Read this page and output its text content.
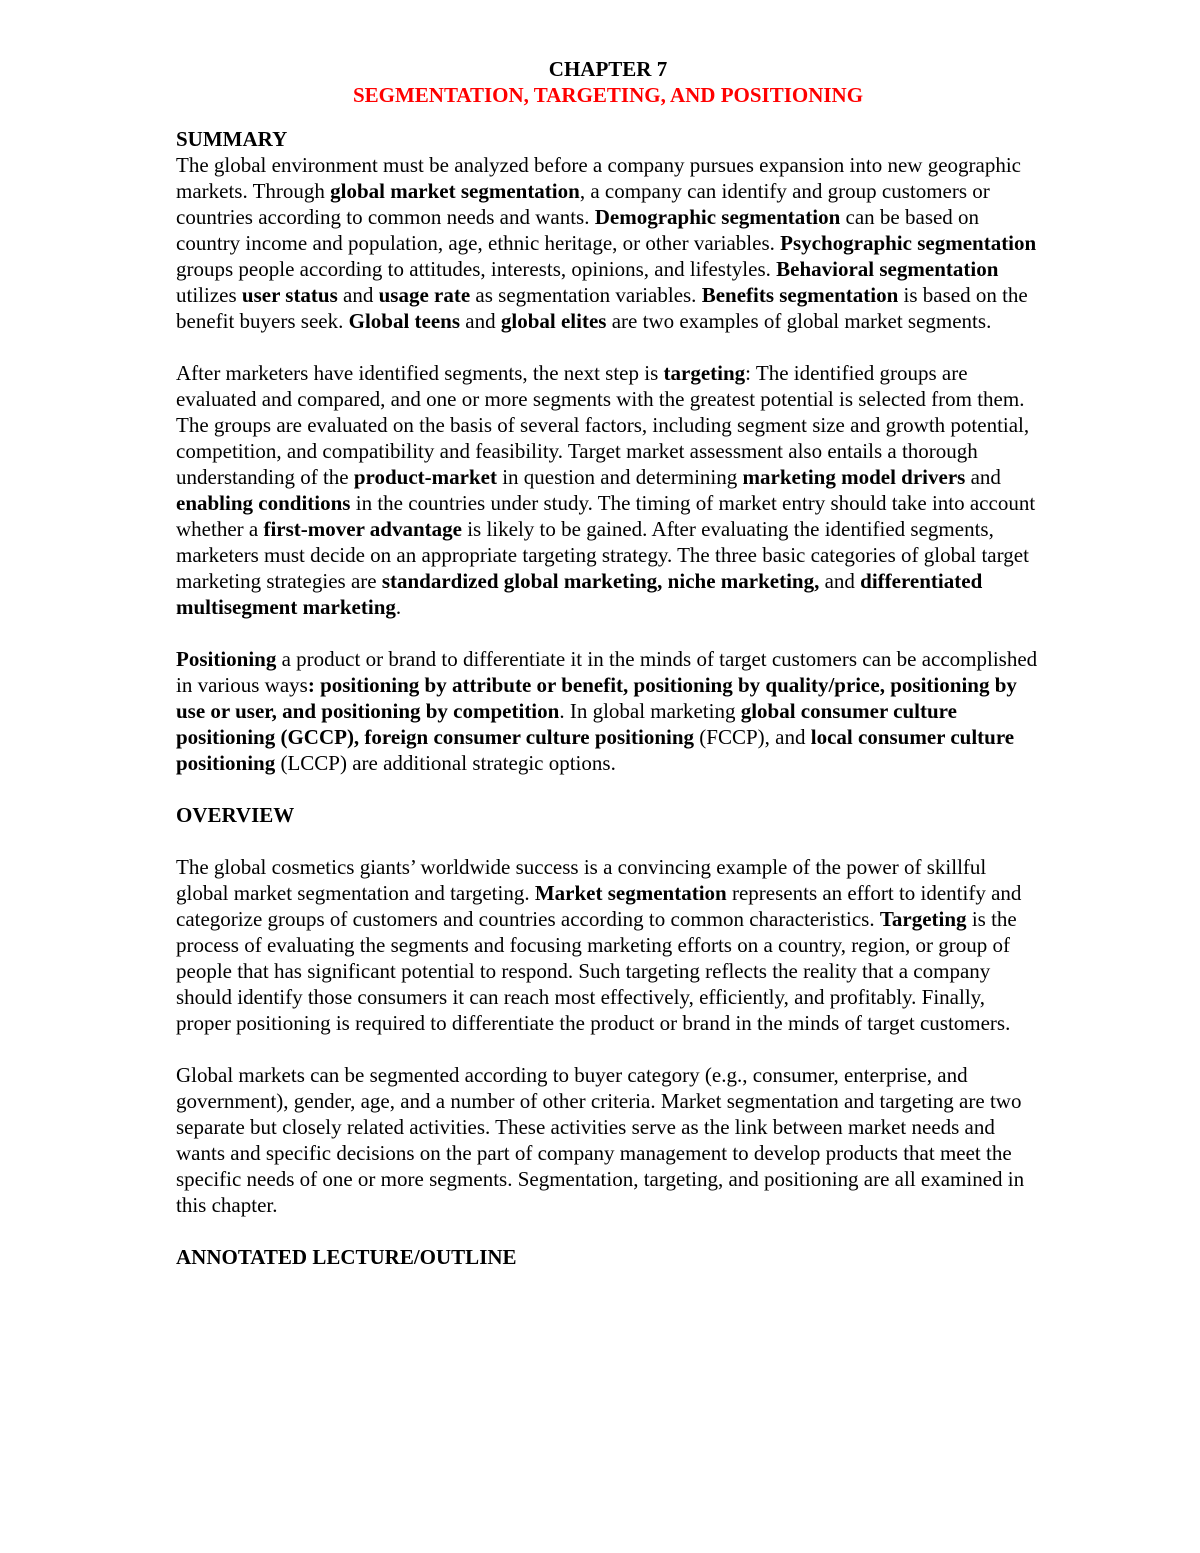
CHAPTER 7

SEGMENTATION, TARGETING, AND POSITIONING

SUMMARY

The global environment must be analyzed before a company pursues expansion into new geographic markets. Through global market segmentation, a company can identify and group customers or countries according to common needs and wants. Demographic segmentation can be based on country income and population, age, ethnic heritage, or other variables. Psychographic segmentation groups people according to attitudes, interests, opinions, and lifestyles. Behavioral segmentation utilizes user status and usage rate as segmentation variables. Benefits segmentation is based on the benefit buyers seek. Global teens and global elites are two examples of global market segments.

After marketers have identified segments, the next step is targeting: The identified groups are evaluated and compared, and one or more segments with the greatest potential is selected from them. The groups are evaluated on the basis of several factors, including segment size and growth potential, competition, and compatibility and feasibility. Target market assessment also entails a thorough understanding of the product-market in question and determining marketing model drivers and enabling conditions in the countries under study. The timing of market entry should take into account whether a first-mover advantage is likely to be gained. After evaluating the identified segments, marketers must decide on an appropriate targeting strategy. The three basic categories of global target marketing strategies are standardized global marketing, niche marketing, and differentiated multisegment marketing.

Positioning a product or brand to differentiate it in the minds of target customers can be accomplished in various ways: positioning by attribute or benefit, positioning by quality/price, positioning by use or user, and positioning by competition. In global marketing global consumer culture positioning (GCCP), foreign consumer culture positioning (FCCP), and local consumer culture positioning (LCCP) are additional strategic options.

OVERVIEW

The global cosmetics giants’ worldwide success is a convincing example of the power of skillful global market segmentation and targeting. Market segmentation represents an effort to identify and categorize groups of customers and countries according to common characteristics. Targeting is the process of evaluating the segments and focusing marketing efforts on a country, region, or group of people that has significant potential to respond. Such targeting reflects the reality that a company should identify those consumers it can reach most effectively, efficiently, and profitably. Finally, proper positioning is required to differentiate the product or brand in the minds of target customers.

Global markets can be segmented according to buyer category (e.g., consumer, enterprise, and government), gender, age, and a number of other criteria. Market segmentation and targeting are two separate but closely related activities. These activities serve as the link between market needs and wants and specific decisions on the part of company management to develop products that meet the specific needs of one or more segments. Segmentation, targeting, and positioning are all examined in this chapter.

ANNOTATED LECTURE/OUTLINE
